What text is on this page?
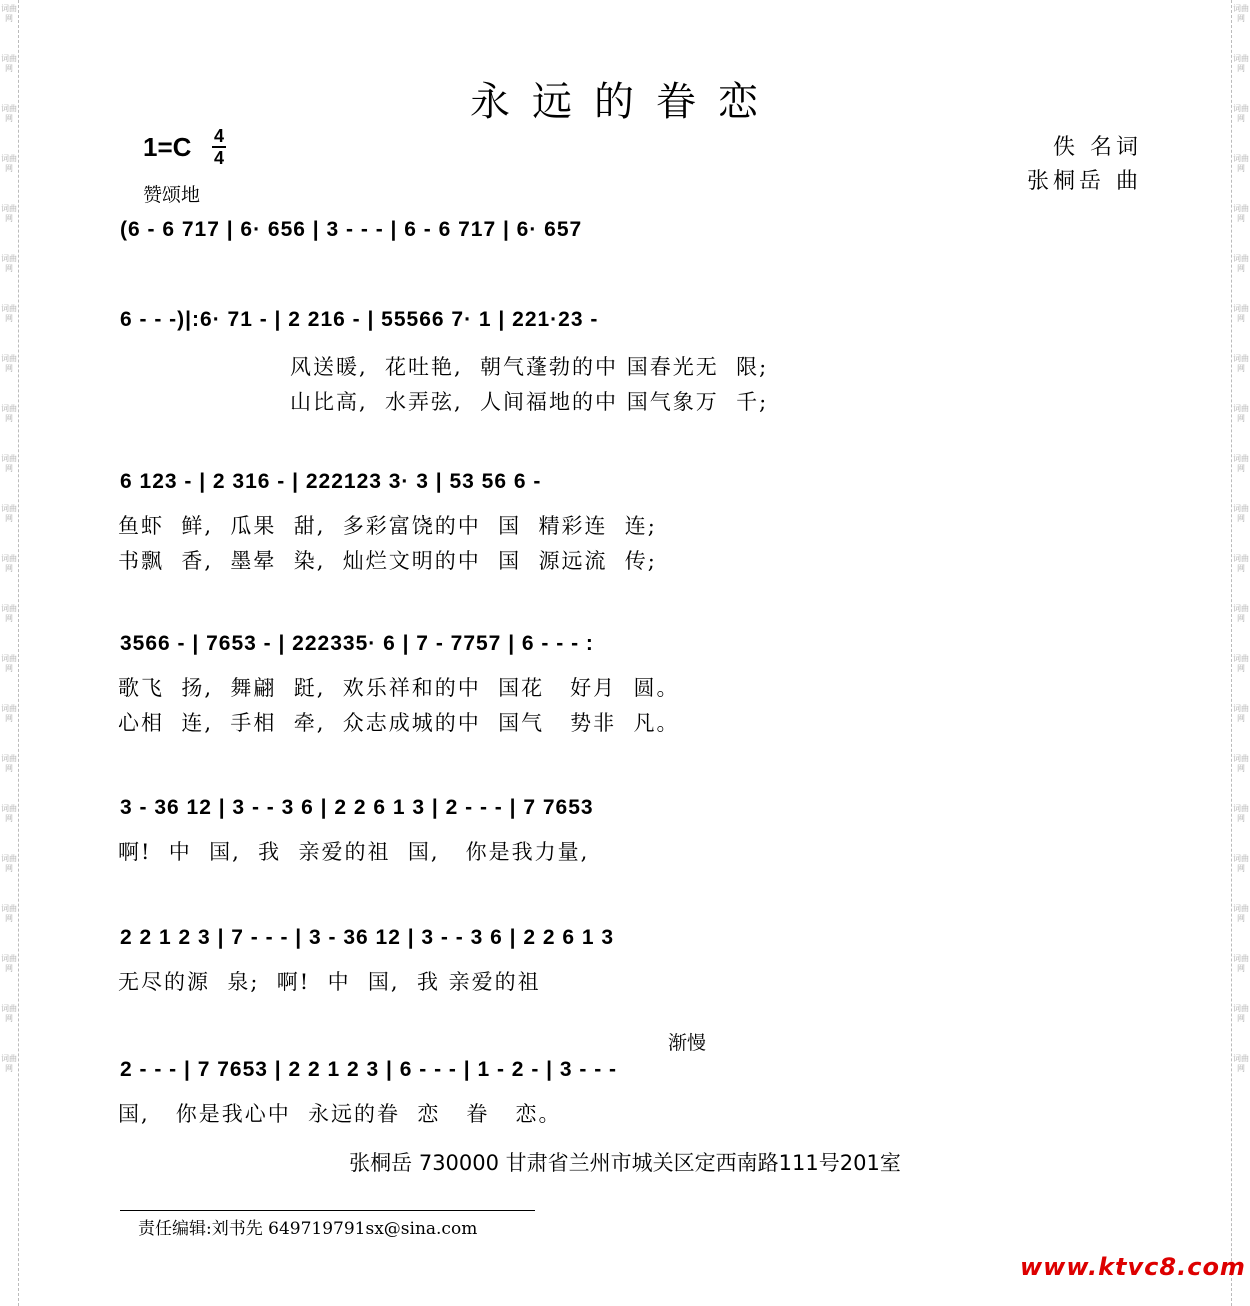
词曲网
词曲网
词曲网
词曲网
词曲网
词曲网
词曲网
词曲网
词曲网
词曲网
词曲网
词曲网
词曲网
词曲网
词曲网
词曲网
词曲网
词曲网
词曲网
词曲网
词曲网
词曲网
词曲网
词曲网
词曲网
词曲网
词曲网
词曲网
词曲网
词曲网
词曲网
词曲网
词曲网
词曲网
词曲网
词曲网
词曲网
词曲网
词曲网
词曲网
词曲网
词曲网
词曲网
词曲网
永远的眷恋
1=C 4
4
赞颂地
佚 名词
张桐岳 曲
(6 - 6 717 | 6· 656 | 3 - - - | 6 - 6 717 | 6· 657
6 - - -)|:6· 71 - | 2 216 - | 55566 7· 1 | 221·23 -
风送暖,  花吐艳,  朝气蓬勃的中 国春光无  限;
山比高,  水弄弦,  人间福地的中 国气象万  千;
6 123 - | 2 316 - | 222123 3· 3 | 53 56 6 -
鱼虾  鲜,  瓜果  甜,  多彩富饶的中  国  精彩连  连;
书飘  香,  墨晕  染,  灿烂文明的中  国  源远流  传;
3566 - | 7653 - | 222335· 6 | 7 - 7757 | 6 - - - :
歌飞  扬,  舞翩  跹,  欢乐祥和的中  国花   好月  圆。
心相  连,  手相  牵,  众志成城的中  国气   势非  凡。
3 - 36 12 | 3 - - 3 6 | 2 2 6 1 3 | 2 - - - | 7 7653
啊!  中  国,  我  亲爱的祖  国,   你是我力量,
2 2 1 2 3 | 7 - - - | 3 - 36 12 | 3 - - 3 6 | 2 2 6 1 3
无尽的源  泉;  啊!  中  国,  我 亲爱的祖
渐慢
2 - - - | 7 7653 | 2 2 1 2 3 | 6 - - - | 1 - 2 - | 3 - - -
国,   你是我心中  永远的眷  恋   眷   恋。
张桐岳 730000 甘肃省兰州市城关区定西南路111号201室
责任编辑:刘书先 649719791sx@sina.com
www.ktvc8.com
